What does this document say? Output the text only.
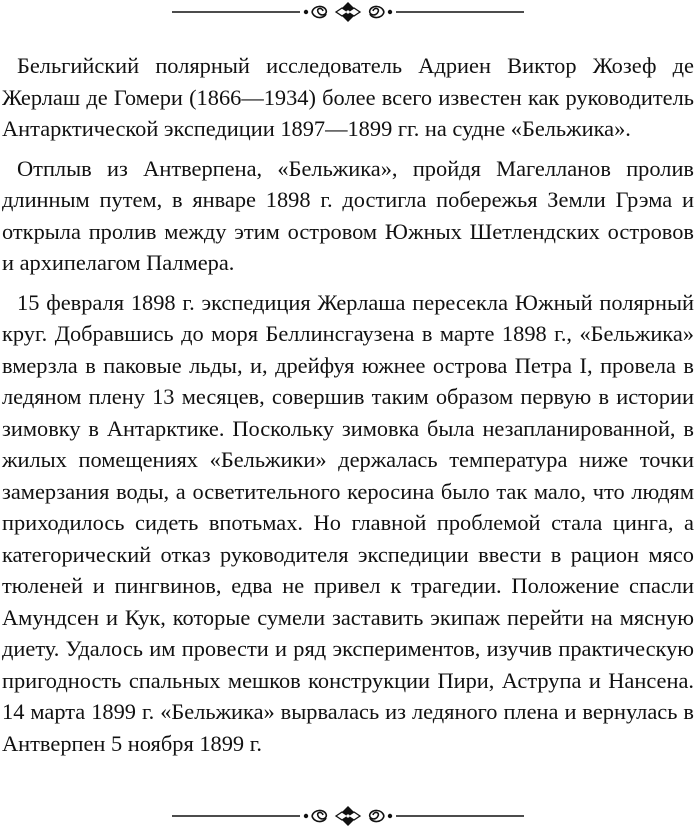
Бельгийский полярный исследователь Адриен Виктор Жозеф де Жерлаш де Гомери (1866—1934) более всего известен как руководитель Антарктической экспедиции 1897—1899 гг. на судне «Бельжика».

Отплыв из Антверпена, «Бельжика», пройдя Магелланов пролив длинным путем, в январе 1898 г. достигла побережья Земли Грэма и открыла пролив между этим островом Южных Шетлендских островов и архипелагом Палмера.

15 февраля 1898 г. экспедиция Жерлаша пересекла Южный полярный круг. Добравшись до моря Беллинсгаузена в марте 1898 г., «Бельжика» вмерзла в паковые льды, и, дрейфуя южнее острова Петра I, провела в ледяном плену 13 месяцев, совершив таким образом первую в истории зимовку в Антарктике. Поскольку зимовка была незапланированной, в жилых помещениях «Бельжики» держалась температура ниже точки замерзания воды, а осветительного керосина было так мало, что людям приходилось сидеть впотьмах. Но главной проблемой стала цинга, а категорический отказ руководителя экспедиции ввести в рацион мясо тюленей и пингвинов, едва не привел к трагедии. Положение спасли Амундсен и Кук, которые сумели заставить экипаж перейти на мясную диету. Удалось им провести и ряд экспериментов, изучив практическую пригодность спальных мешков конструкции Пири, Аструпа и Нансена. 14 марта 1899 г. «Бельжика» вырвалась из ледяного плена и вернулась в Антверпен 5 ноября 1899 г.
